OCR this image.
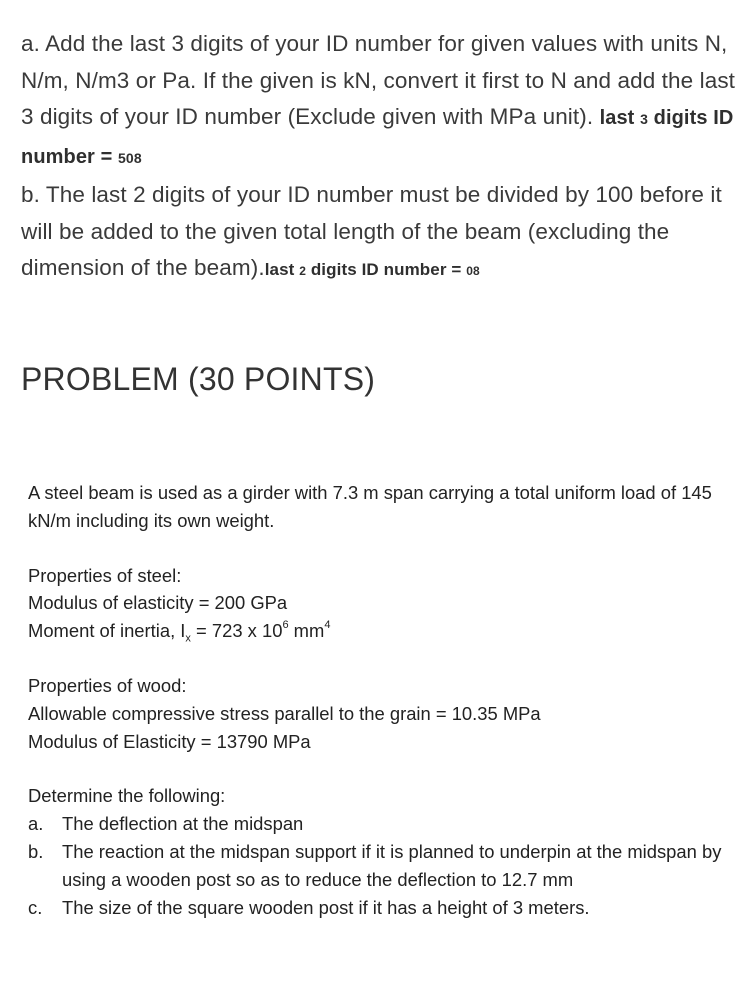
a. Add the last 3 digits of your ID number for given values with units N, N/m, N/m3 or Pa. If the given is kN, convert it first to N and add the last 3 digits of your ID number (Exclude given with MPa unit). last 3 digits ID number = 508

b. The last 2 digits of your ID number must be divided by 100 before it will be added to the given total length of the beam (excluding the dimension of the beam).last 2 digits ID number = 08

PROBLEM (30 POINTS)

A steel beam is used as a girder with 7.3 m span carrying a total uniform load of 145 kN/m including its own weight.

Properties of steel:
Modulus of elasticity = 200 GPa
Moment of inertia, $I_x = 723$ x $10^6$ $mm^4$
Properties of wood:
Allowable compressive stress parallel to the grain = 10.35 MPa
Modulus of Elasticity = 13790 MPa
Determine the following:
a.	The deflection at the midspan
b.	The reaction at the midspan support if it is planned to underpin at the midspan by using a wooden post so as to reduce the deflection to 12.7 mm
c.	The size of the square wooden post if it has a height of 3 meters.
